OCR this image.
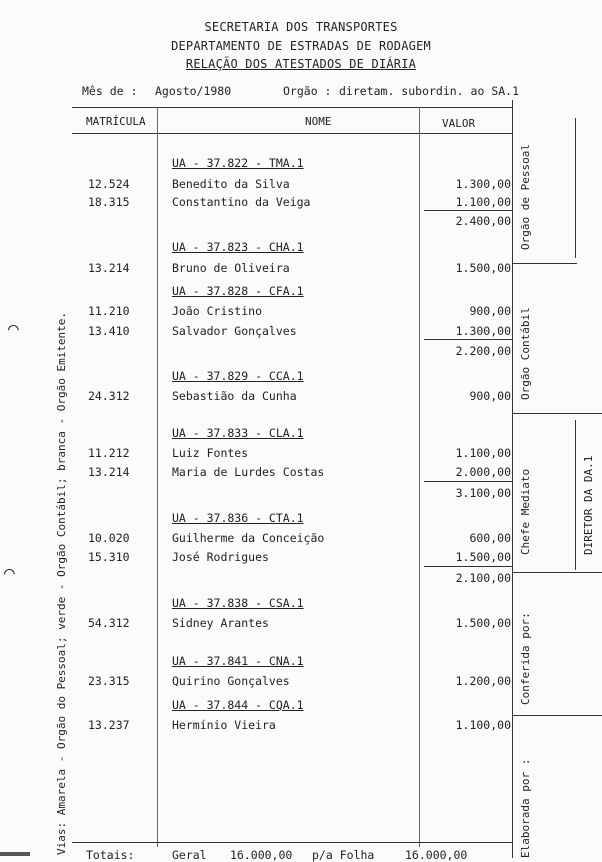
SECRETARIA DOS TRANSPORTES
DEPARTAMENTO DE ESTRADAS DE RODAGEM
RELAÇÃO DOS ATESTADOS DE DIÁRIA
Mês de : Agosto/1980	Orgão : diretam. subordin. ao SA.1
MATRÍCULA	NOME	VALOR
UA - 37.822 - TMA.1
12.524	Benedito da Silva	1.300,00
18.315	Constantino da Veiga	1.100,00
2.400,00
UA - 37.823 - CHA.1
13.214	Bruno de Oliveira	1.500,00
UA - 37.828 - CFA.1
11.210	João Cristino	900,00
13.410	Salvador Gonçalves	1.300,00
2.200,00
UA - 37.829 - CCA.1
24.312	Sebastião da Cunha	900,00
UA - 37.833 - CLA.1
11.212	Luiz Fontes	1.100,00
13.214	Maria de Lurdes Costas	2.000,00
3.100,00
UA - 37.836 - CTA.1
10.020	Guilherme da Conceição	600,00
15.310	José Rodrigues	1.500,00
2.100,00
UA - 37.838 - CSA.1
54.312	Sidney Arantes	1.500,00
UA - 37.841 - CNA.1
23.315	Quirino Gonçalves	1.200,00
UA - 37.844 - CQA.1
13.237	Hermínio Vieira	1.100,00
Orgão de Pessoal
Orgão Contábil
Chefe Mediato	DIRETOR DA DA.1
Conferida por:
Elaborada por :
Vias: Amarela - Orgão do Pessoal; verde - Orgão Contábil; branca - Orgão Emitente. Totais:	Geral 16.000,00 p/a Folha	16.000,00
⌒
⌒
